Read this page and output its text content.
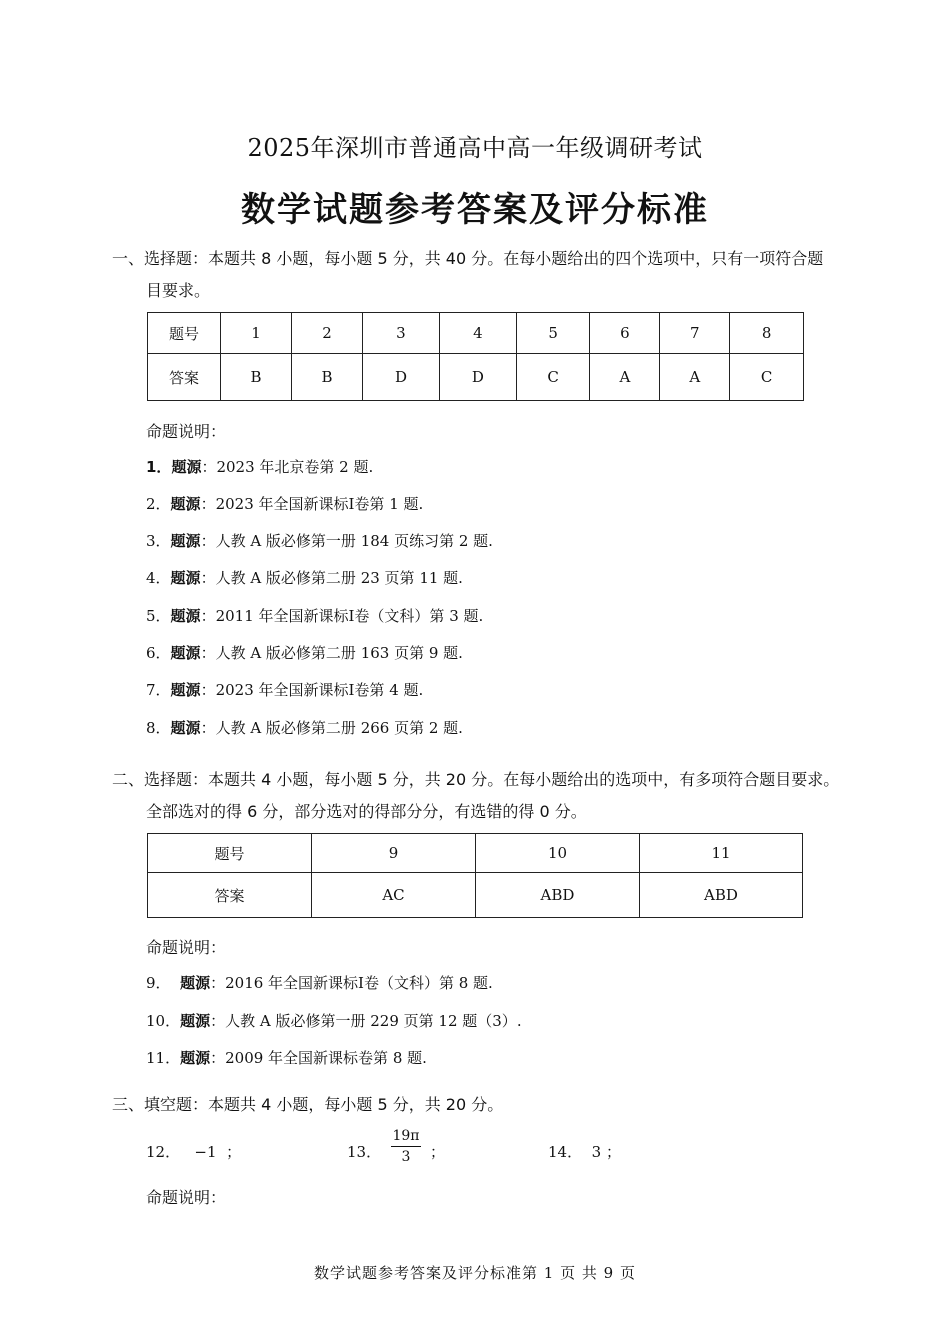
2025年深圳市普通高中高一年级调研考试
数学试题参考答案及评分标准
一、选择题：本题共 8 小题，每小题 5 分，共 40 分。在每小题给出的四个选项中，只有一项符合题
目要求。
题号	1	2	3	4	5	6	7	8
答案	B	B	D	D	C	A	A	C
命题说明：
1．题源：2023 年北京卷第 2 题.
2．题源：2023 年全国新课标I卷第 1 题.
3．题源：人教 A 版必修第一册 184 页练习第 2 题.
4．题源：人教 A 版必修第二册 23 页第 11 题.
5．题源：2011 年全国新课标I卷（文科）第 3 题.
6．题源：人教 A 版必修第二册 163 页第 9 题.
7．题源：2023 年全国新课标I卷第 4 题.
8．题源：人教 A 版必修第二册 266 页第 2 题.
二、选择题：本题共 4 小题，每小题 5 分，共 20 分。在每小题给出的选项中，有多项符合题目要求。
全部选对的得 6 分，部分选对的得部分分，有选错的得 0 分。
题号	9	10	11
答案	AC	ABD	ABD
命题说明：
9． 题源：2016 年全国新课标I卷（文科）第 8 题.
10．题源：人教 A 版必修第一册 229 页第 12 题（3）.
11．题源：2009 年全国新课标卷第 8 题.
三、填空题：本题共 4 小题，每小题 5 分，共 20 分。
12． −1 ；	13．
19π
3	；	14． 3 ；
命题说明：
数学试题参考答案及评分标准第 1 页 共 9 页
